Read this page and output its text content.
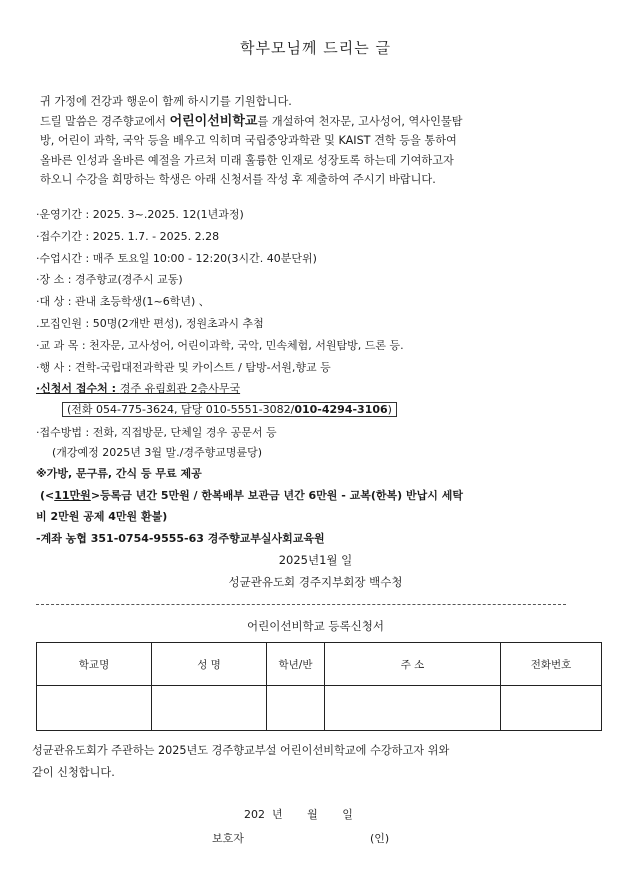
학부모님께 드리는 글
귀 가정에 건강과 행운이 함께 하시기를 기원합니다.
드릴 말씀은 경주향교에서 어린이선비학교를 개설하여 천자문, 고사성어, 역사인물탐
방, 어린이 과학, 국악 등을 배우고 익히며 국립중앙과학관 및 KAIST 견학 등을 통하여
올바른 인성과 올바른 예절을 가르쳐 미래 훌륭한 인재로 성장토록 하는데 기여하고자
하오니 수강을 희망하는 학생은 아래 신청서를 작성 후 제출하여 주시기 바랍니다.
·운영기간 : 2025. 3~.2025. 12(1년과정)
·접수기간 : 2025. 1.7. - 2025. 2.28
·수업시간 : 매주 토요일 10:00 - 12:20(3시간. 40분단위)
·장 소 : 경주향교(경주시 교동)
·대 상 : 관내 초등학생(1~6학년) 、
.모집인원 : 50명(2개반 편성), 정원초과시 추첨
·교 과 목 : 천자문, 고사성어, 어린이과학, 국악, 민속체험, 서원탐방, 드론 등.
·행 사 : 견학-국립대전과학관 및 카이스트 / 탐방-서원,향교 등
·신청서 접수처 : 경주 유림회관 2층사무국
(전화 054-775-3624, 담당 010-5551-3082/010-4294-3106)
·접수방법 : 전화, 직접방문, 단체일 경우 공문서 등
(개강예정 2025년 3월 말./경주향교명륜당)
※가방, 문구류, 간식 등 무료 제공
(<11만원>등록금 년간 5만원 / 한복배부 보관금 년간 6만원 - 교복(한복) 반납시 세탁
비 2만원 공제 4만원 환불)
-계좌 농협 351-0754-9555-63 경주향교부실사회교육원
2025년1월 일
성균관유도회 경주지부회장 백수청
어린이선비학교 등록신청서
학교명	성 명	학년/반	주 소	전화번호

성균관유도회가 주관하는 2025년도 경주향교부설 어린이선비학교에 수강하고자 위와
같이 신청합니다.
202  년       월       일
보호자	(인)
